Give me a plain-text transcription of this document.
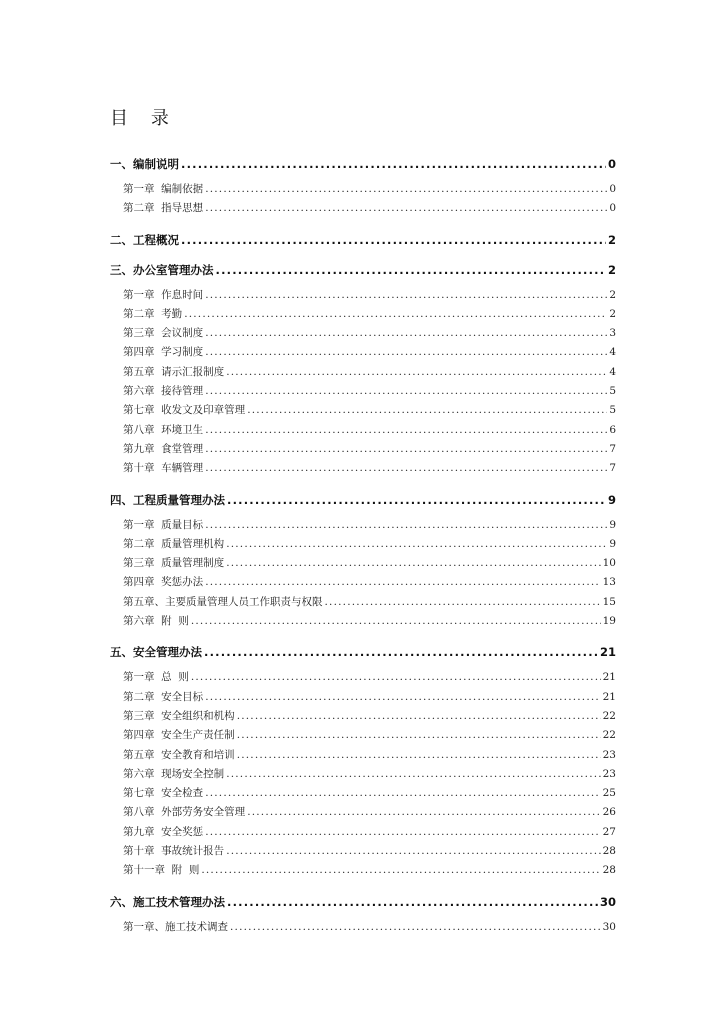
目    录
一、编制说明 .....	0
第一章  编制依据 .....	0
第二章  指导思想 .....	0
二、工程概况 .....	2
三、办公室管理办法 .....	2
第一章  作息时间 .....	2
第二章  考勤 .....	2
第三章  会议制度 .....	3
第四章  学习制度 .....	4
第五章  请示汇报制度 .....	4
第六章  接待管理 .....	5
第七章  收发文及印章管理 .....	5
第八章  环境卫生 .....	6
第九章  食堂管理 .....	7
第十章  车辆管理 .....	7
四、工程质量管理办法 .....	9
第一章  质量目标 .....	9
第二章  质量管理机构 .....	9
第三章  质量管理制度 .....	10
第四章  奖惩办法 .....	13
第五章、主要质量管理人员工作职责与权限 .....	15
第六章  附  则 .....	19
五、安全管理办法 .....	21
第一章  总  则 .....	21
第二章  安全目标 .....	21
第三章  安全组织和机构 .....	22
第四章  安全生产责任制 .....	22
第五章  安全教育和培训 .....	23
第六章  现场安全控制 .....	23
第七章  安全检查 .....	25
第八章  外部劳务安全管理 .....	26
第九章  安全奖惩 .....	27
第十章  事故统计报告 .....	28
第十一章  附  则 .....	28
六、施工技术管理办法 .....	30
第一章、施工技术调查 .....	30
